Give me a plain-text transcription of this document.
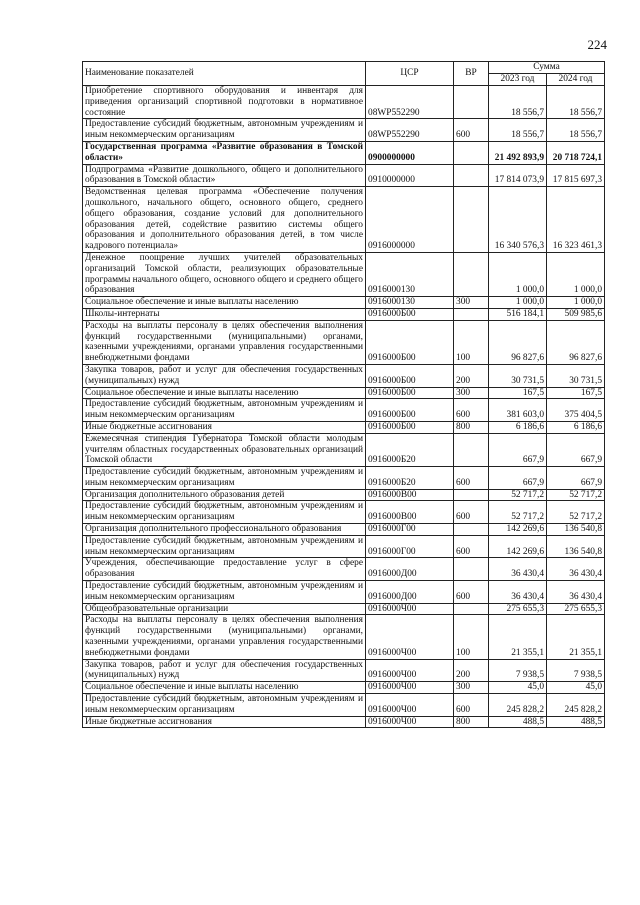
224
Наименование показателей	ЦСР	ВР	Сумма	
			2023 год	2024 год
Приобретение спортивного оборудования и инвентаря для приведения организаций спортивной подготовки в нормативное состояние	08WP552290		18 556,7	18 556,7
Предоставление субсидий бюджетным, автономным учреждениям и иным некоммерческим организациям	08WP552290	600	18 556,7	18 556,7
Государственная программа «Развитие образования в Томской области»	0900000000		21 492 893,9	20 718 724,1
Подпрограмма «Развитие дошкольного, общего и дополнительного образования в Томской области»	0910000000		17 814 073,9	17 815 697,3
Ведомственная целевая программа «Обеспечение получения дошкольного, начального общего, основного общего, среднего общего образования, создание условий для дополнительного образования детей, содействие развитию системы общего образования и дополнительного образования детей, в том числе кадрового потенциала»	0916000000		16 340 576,3	16 323 461,3
Денежное поощрение лучших учителей образовательных организаций Томской области, реализующих образовательные программы начального общего, основного общего и среднего общего образования	0916000130		1 000,0	1 000,0
Социальное обеспечение и иные выплаты населению	0916000130	300	1 000,0	1 000,0
Школы-интернаты	0916000Б00		516 184,1	509 985,6
Расходы на выплаты персоналу в целях обеспечения выполнения функций государственными (муниципальными) органами, казенными учреждениями, органами управления государственными внебюджетными фондами	0916000Б00	100	96 827,6	96 827,6
Закупка товаров, работ и услуг для обеспечения государственных (муниципальных) нужд	0916000Б00	200	30 731,5	30 731,5
Социальное обеспечение и иные выплаты населению	0916000Б00	300	167,5	167,5
Предоставление субсидий бюджетным, автономным учреждениям и иным некоммерческим организациям	0916000Б00	600	381 603,0	375 404,5
Иные бюджетные ассигнования	0916000Б00	800	6 186,6	6 186,6
Ежемесячная стипендия Губернатора Томской области молодым учителям областных государственных образовательных организаций Томской области	0916000Б20		667,9	667,9
Предоставление субсидий бюджетным, автономным учреждениям и иным некоммерческим организациям	0916000Б20	600	667,9	667,9
Организация дополнительного образования детей	0916000В00		52 717,2	52 717,2
Предоставление субсидий бюджетным, автономным учреждениям и иным некоммерческим организациям	0916000В00	600	52 717,2	52 717,2
Организация дополнительного профессионального образования	0916000Г00		142 269,6	136 540,8
Предоставление субсидий бюджетным, автономным учреждениям и иным некоммерческим организациям	0916000Г00	600	142 269,6	136 540,8
Учреждения, обеспечивающие предоставление услуг в сфере образования	0916000Д00		36 430,4	36 430,4
Предоставление субсидий бюджетным, автономным учреждениям и иным некоммерческим организациям	0916000Д00	600	36 430,4	36 430,4
Общеобразовательные организации	0916000Ч00		275 655,3	275 655,3
Расходы на выплаты персоналу в целях обеспечения выполнения функций государственными (муниципальными) органами, казенными учреждениями, органами управления государственными внебюджетными фондами	0916000Ч00	100	21 355,1	21 355,1
Закупка товаров, работ и услуг для обеспечения государственных (муниципальных) нужд	0916000Ч00	200	7 938,5	7 938,5
Социальное обеспечение и иные выплаты населению	0916000Ч00	300	45,0	45,0
Предоставление субсидий бюджетным, автономным учреждениям и иным некоммерческим организациям	0916000Ч00	600	245 828,2	245 828,2
Иные бюджетные ассигнования	0916000Ч00	800	488,5	488,5
